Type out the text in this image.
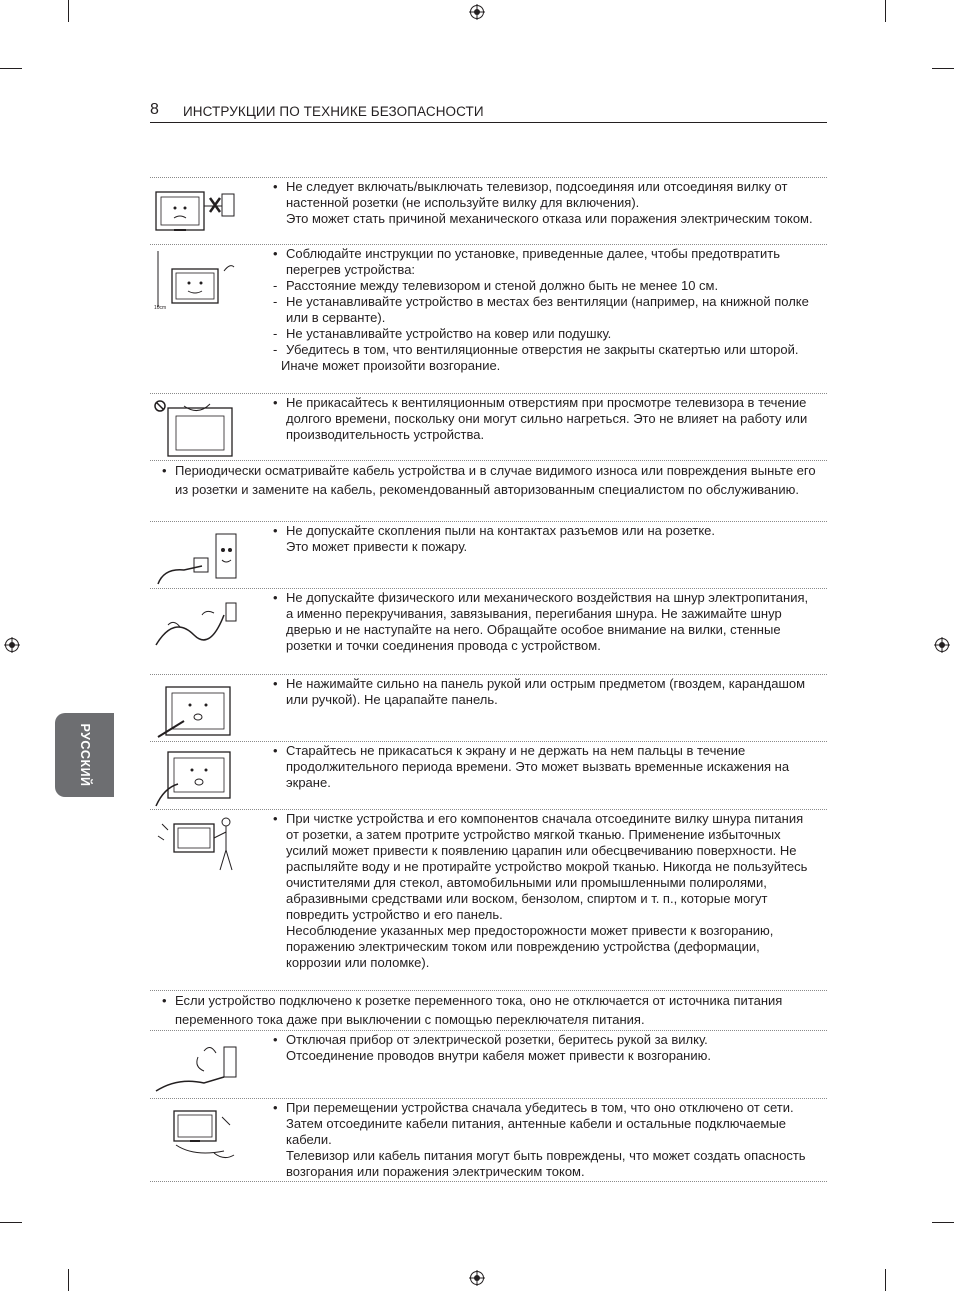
8 ИНСТРУКЦИИ ПО ТЕХНИКЕ БЕЗОПАСНОСТИ
РУССКИЙ
• Не следует включать/выключать телевизор, подсоединяя или отсоединяя вилку от настенной розетки (не используйте вилку для включения).
Это может стать причиной механического отказа или поражения электрическим током.
10cm
• Соблюдайте инструкции по установке, приведенные далее, чтобы предотвратить перегрев устройства:
- Расстояние между телевизором и стеной должно быть не менее 10 см.
- Не устанавливайте устройство в местах без вентиляции (например, на книжной полке или в серванте).
- Не устанавливайте устройство на ковер или подушку.
- Убедитесь в том, что вентиляционные отверстия не закрыты скатертью или шторой.
Иначе может произойти возгорание.
• Не прикасайтесь к вентиляционным отверстиям при просмотре телевизора в течение долгого времени, поскольку они могут сильно нагреться. Это не влияет на работу или производительность устройства.
• Периодически осматривайте кабель устройства и в случае видимого износа или повреждения выньте его из розетки и замените на кабель, рекомендованный авторизованным специалистом по обслуживанию.
• Не допускайте скопления пыли на контактах разъемов или на розетке.
Это может привести к пожару.
• Не допускайте физического или механического воздействия на шнур электропитания, а именно перекручивания, завязывания, перегибания шнура. Не зажимайте шнур дверью и не наступайте на него. Обращайте особое внимание на вилки, стенные розетки и точки соединения провода с устройством.
• Не нажимайте сильно на панель рукой или острым предметом (гвоздем, карандашом или ручкой). Не царапайте панель.
• Старайтесь не прикасаться к экрану и не держать на нем пальцы в течение продолжительного периода времени. Это может вызвать временные искажения на экране.
• При чистке устройства и его компонентов сначала отсоедините вилку шнура питания от розетки, а затем протрите устройство мягкой тканью. Применение избыточных усилий может привести к появлению царапин или обесцвечиванию поверхности. Не распыляйте воду и не протирайте устройство мокрой тканью. Никогда не пользуйтесь очистителями для стекол, автомобильными или промышленными полиролями, абразивными средствами или воском, бензолом, спиртом и т. п., которые могут повредить устройство и его панель.
Несоблюдение указанных мер предосторожности может привести к возгоранию, поражению электрическим током или повреждению устройства (деформации, коррозии или поломке).
• Если устройство подключено к розетке переменного тока, оно не отключается от источника питания переменного тока даже при выключении с помощью переключателя питания.
• Отключая прибор от электрической розетки, беритесь рукой за вилку.
Отсоединение проводов внутри кабеля может привести к возгоранию.
• При перемещении устройства сначала убедитесь в том, что оно отключено от сети. Затем отсоедините кабели питания, антенные кабели и остальные подключаемые кабели.
Телевизор или кабель питания могут быть повреждены, что может создать опасность возгорания или поражения электрическим током.
